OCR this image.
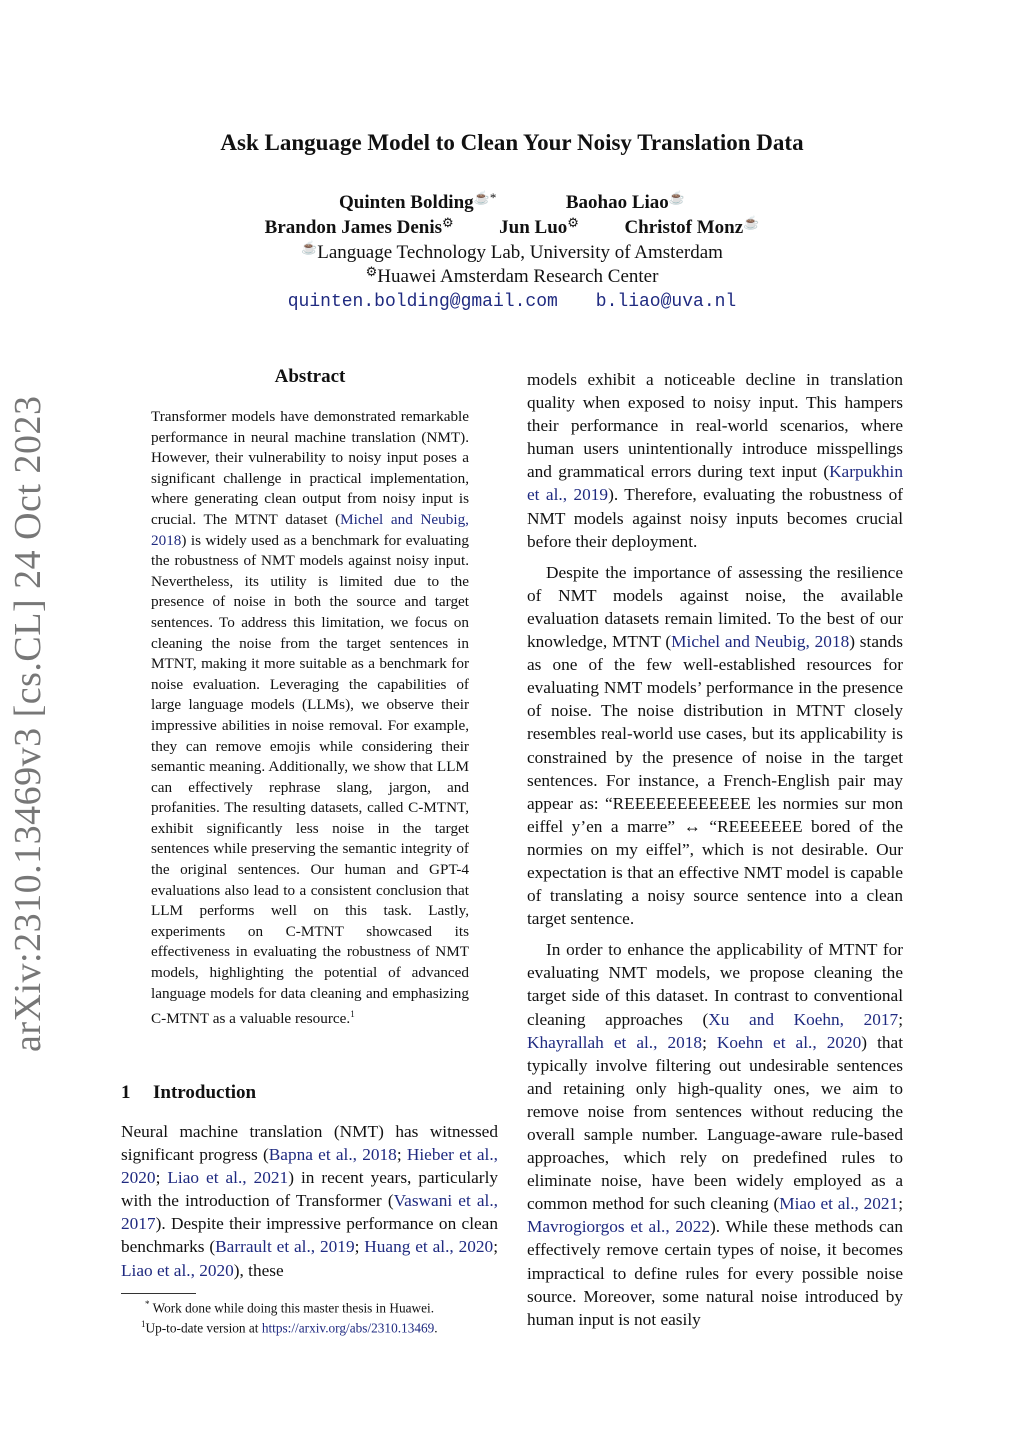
arXiv:2310.13469v3 [cs.CL] 24 Oct 2023
Ask Language Model to Clean Your Noisy Translation Data
Quinten Bolding☕*	Baohao Liao☕
Brandon James Denis⚙ Jun Luo⚙ Christof Monz☕
☕Language Technology Lab, University of Amsterdam
⚙Huawei Amsterdam Research Center
quinten.bolding@gmail.com b.liao@uva.nl
Abstract
Transformer models have demonstrated remarkable performance in neural machine translation (NMT). However, their vulnerability to noisy input poses a significant challenge in practical implementation, where generating clean output from noisy input is crucial. The MTNT dataset (Michel and Neubig, 2018) is widely used as a benchmark for evaluating the robustness of NMT models against noisy input. Nevertheless, its utility is limited due to the presence of noise in both the source and target sentences. To address this limitation, we focus on cleaning the noise from the target sentences in MTNT, making it more suitable as a benchmark for noise evaluation. Leveraging the capabilities of large language models (LLMs), we observe their impressive abilities in noise removal. For example, they can remove emojis while considering their semantic meaning. Additionally, we show that LLM can effectively rephrase slang, jargon, and profanities. The resulting datasets, called C-MTNT, exhibit significantly less noise in the target sentences while preserving the semantic integrity of the original sentences. Our human and GPT-4 evaluations also lead to a consistent conclusion that LLM performs well on this task. Lastly, experiments on C-MTNT showcased its effectiveness in evaluating the robustness of NMT models, highlighting the potential of advanced language models for data cleaning and emphasizing C-MTNT as a valuable resource.$^1$
1 Introduction
Neural machine translation (NMT) has witnessed significant progress (Bapna et al., 2018; Hieber et al., 2020; Liao et al., 2021) in recent years, particularly with the introduction of Transformer (Vaswani et al., 2017). Despite their impressive performance on clean benchmarks (Barrault et al., 2019; Huang et al., 2020; Liao et al., 2020), these
* Work done while doing this master thesis in Huawei.
$^1$Up-to-date version at https://arxiv.org/abs/2310.13469.

models exhibit a noticeable decline in translation quality when exposed to noisy input. This hampers their performance in real-world scenarios, where human users unintentionally introduce misspellings and grammatical errors during text input (Karpukhin et al., 2019). Therefore, evaluating the robustness of NMT models against noisy inputs becomes crucial before their deployment.

Despite the importance of assessing the resilience of NMT models against noise, the available evaluation datasets remain limited. To the best of our knowledge, MTNT (Michel and Neubig, 2018) stands as one of the few well-established resources for evaluating NMT models’ performance in the presence of noise. The noise distribution in MTNT closely resembles real-world use cases, but its applicability is constrained by the presence of noise in the target sentences. For instance, a French-English pair may appear as: “REEEEEEEEEEEE les normies sur mon eiffel y’en a marre” ↔ “REEEEEEE bored of the normies on my eiffel”, which is not desirable. Our expectation is that an effective NMT model is capable of translating a noisy source sentence into a clean target sentence.

In order to enhance the applicability of MTNT for evaluating NMT models, we propose cleaning the target side of this dataset. In contrast to conventional cleaning approaches (Xu and Koehn, 2017; Khayrallah et al., 2018; Koehn et al., 2020) that typically involve filtering out undesirable sentences and retaining only high-quality ones, we aim to remove noise from sentences without reducing the overall sample number. Language-aware rule-based approaches, which rely on predefined rules to eliminate noise, have been widely employed as a common method for such cleaning (Miao et al., 2021; Mavrogiorgos et al., 2022). While these methods can effectively remove certain types of noise, it becomes impractical to define rules for every possible noise source. Moreover, some natural noise introduced by human input is not easily
